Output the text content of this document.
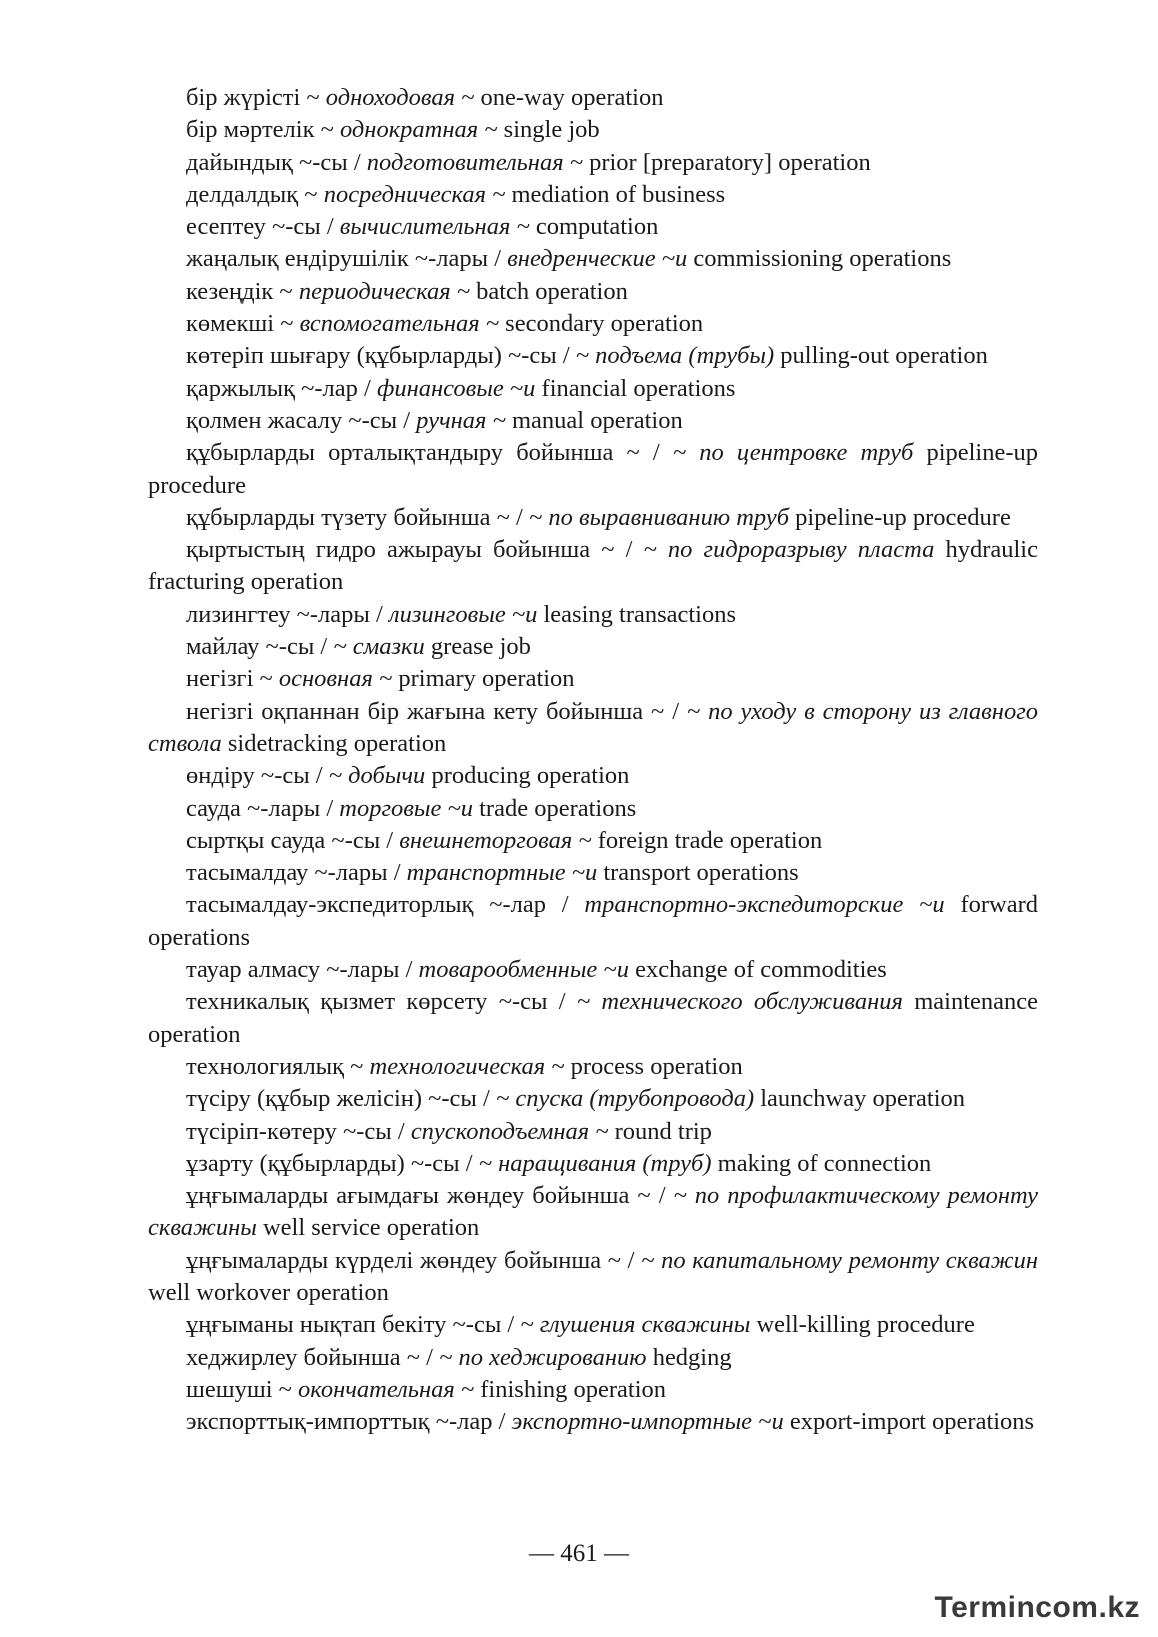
бір жүрісті ~ одноходовая ~ one-way operation

бір мәртелік ~ однократная ~ single job

дайындық ~-сы / подготовительная ~ prior [preparatory] operation

делдалдық ~ посредническая ~ mediation of business

есептеу ~-сы / вычислительная ~ computation

жаңалық ендірушілік ~-лары / внедренческие ~и commissioning operations

кезеңдік ~ периодическая ~ batch operation

көмекші ~ вспомогательная ~ secondary operation

көтеріп шығару (құбырларды) ~-сы / ~ подъема (трубы) pulling-out operation

қаржылық ~-лар / финансовые ~и financial operations

қолмен жасалу ~-сы / ручная ~ manual operation

құбырларды орталықтандыру бойынша ~ / ~ по центровке труб pipeline-up procedure

құбырларды түзету бойынша ~ / ~ по выравниванию труб pipeline-up procedure

қыртыстың гидро ажырауы бойынша ~ / ~ по гидроразрыву пласта hydraulic fracturing operation

лизингтеу ~-лары / лизинговые ~и leasing transactions

майлау ~-сы / ~ смазки grease job

негізгі ~ основная ~ primary operation

негізгі оқпаннан бір жағына кету бойынша ~ / ~ по уходу в сторону из главного ствола sidetracking operation

өндіру ~-сы / ~ добычи producing operation

сауда ~-лары / торговые ~и trade operations

сыртқы сауда ~-сы / внешнеторговая ~ foreign trade operation

тасымалдау ~-лары / транспортные ~и transport operations

тасымалдау-экспедиторлық ~-лар / транспортно-экспедиторские ~и forward operations

тауар алмасу ~-лары / товарообменные ~и exchange of commodities

техникалық қызмет көрсету ~-сы / ~ технического обслуживания maintenance operation

технологиялық ~ технологическая ~ process operation

түсіру (құбыр желісін) ~-сы / ~ спуска (трубопровода) launchway operation

түсіріп-көтеру ~-сы / спускоподъемная ~ round trip

ұзарту (құбырларды) ~-сы / ~ наращивания (труб) making of connection

ұңғымаларды ағымдағы жөндеу бойынша ~ / ~ по профилактическому ремонту скважины well service operation

ұңғымаларды күрделі жөндеу бойынша ~ / ~ по капитальному ремонту скважин well workover operation

ұңғыманы нықтап бекіту ~-сы / ~ глушения скважины well-killing procedure

хеджирлеу бойынша ~ / ~ по хеджированию hedging

шешуші ~ окончательная ~ finishing operation

экспорттық-импорттық ~-лар / экспортно-импортные ~и export-import operations

— 461 —
Termincom.kz
